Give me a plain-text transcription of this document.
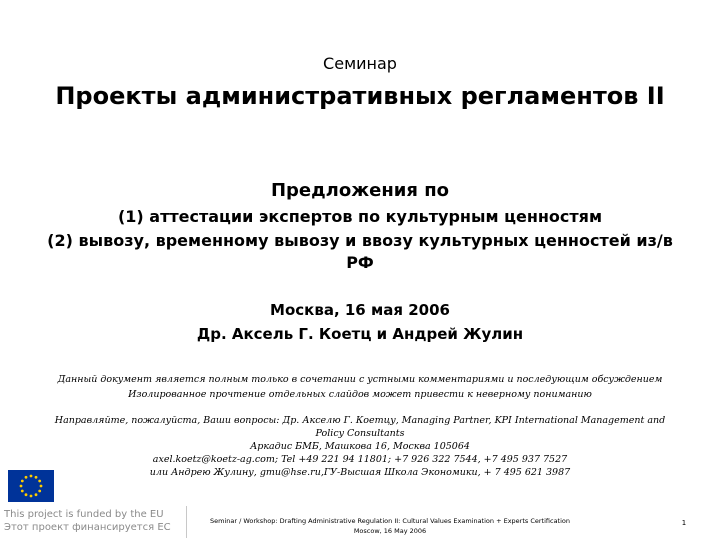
Семинар
Проекты административных регламентов II
Предложения по
(1) аттестации экспертов по культурным ценностям
(2) вывозу, временному вывозу и ввозу культурных ценностей из/в РФ
Москва, 16 мая 2006
Др. Аксель Г. Коетц и Андрей Жулин
Данный документ является полным только в сочетании с устными комментариями и последующим обсуждением
Изолированное прочтение отдельных слайдов может привести к неверному пониманию
Направляйте, пожалуйста, Ваши вопросы: Др. Акселю Г. Коетцу, Managing Partner, KPI International Management and Policy Consultants
Аркадис БМБ, Машкова 16, Москва 105064
axel.koetz@koetz-ag.com; Tel +49 221 94 11801; +7 926 322 7544, +7 495 937 7527
или Андрею Жулину, gmu@hse.ru,ГУ-Высшая Школа Экономики, + 7 495 621 3987
This project is funded by the EU
Этот проект финансируется ЕС
Seminar / Workshop: Drafting Administrative Regulation II: Cultural Values Examination + Experts Certification
Moscow, 16 May 2006
1
